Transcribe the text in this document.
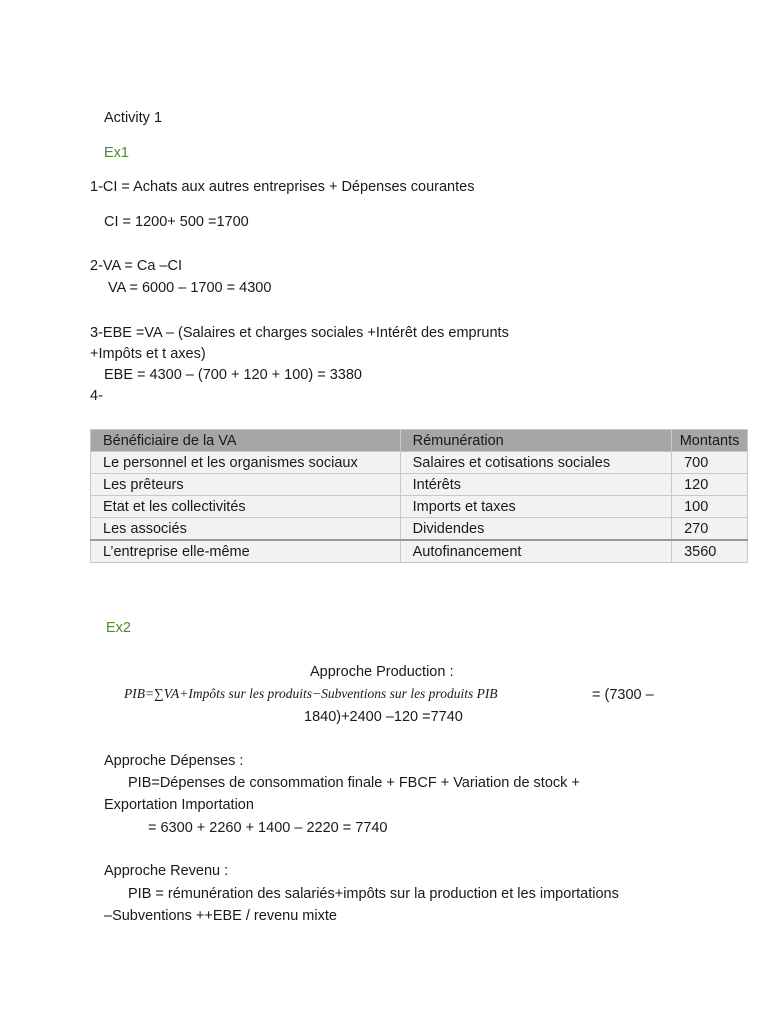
Activity 1

Ex1

1-CI = Achats aux autres entreprises + Dépenses courantes

CI = 1200+ 500 =1700

2-VA = Ca –CI

VA = 6000 – 1700 = 4300

3-EBE =VA – (Salaires et charges sociales +Intérêt des emprunts

+Impôts et t axes)

EBE = 4300 – (700 + 120 + 100) = 3380

4-

Bénéficiaire de la VA	Rémunération	Montants
Le personnel et les organismes sociaux	Salaires et cotisations sociales	700
Les prêteurs	Intérêts	120
Etat et les collectivités	Imports et taxes	100
Les associés	Dividendes	270
L’entreprise elle-même	Autofinancement	3560

Ex2

Approche Production :

PIB=∑VA+Impôts sur les produits−Subventions sur les produits PIB	= (7300 –

1840)+2400 –120 =7740

Approche Dépenses :

PIB=Dépenses de consommation finale + FBCF + Variation de stock +

Exportation Importation

= 6300 + 2260 + 1400 – 2220 = 7740

Approche Revenu :

PIB = rémunération des salariés+impôts sur la production et les importations

–Subventions ++EBE / revenu mixte
